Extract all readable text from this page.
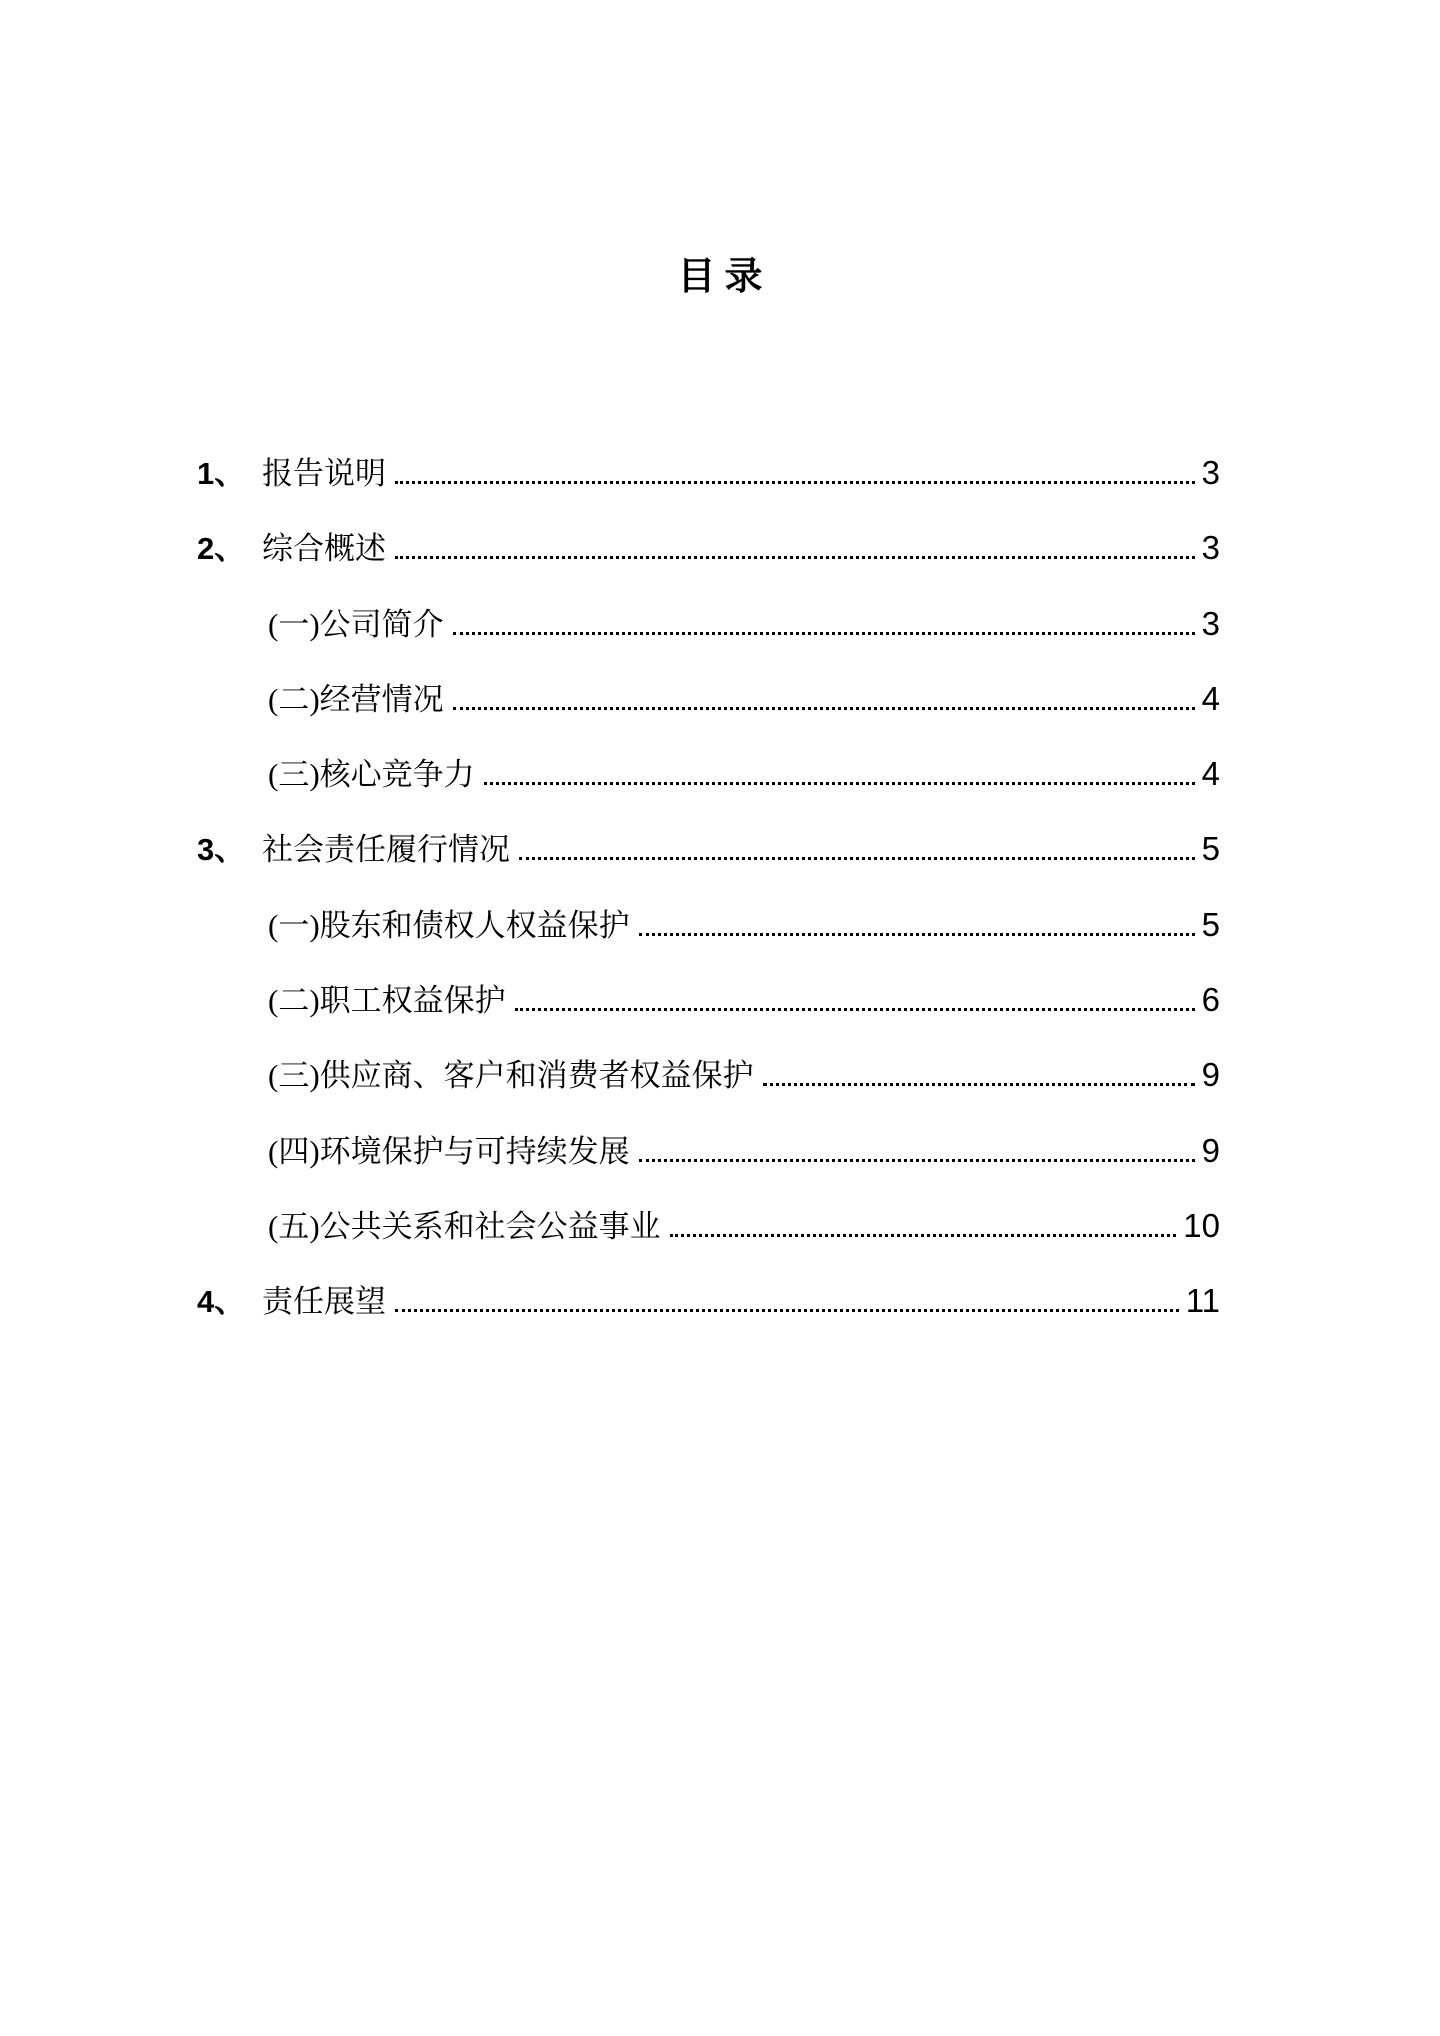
目录
1、 报告说明	3
2、 综合概述	3
(一)公司简介	3
(二)经营情况	4
(三)核心竞争力	4
3、 社会责任履行情况	5
(一)股东和债权人权益保护	5
(二)职工权益保护	6
(三)供应商、客户和消费者权益保护	9
(四)环境保护与可持续发展	9
(五)公共关系和社会公益事业	10
4、 责任展望	11
